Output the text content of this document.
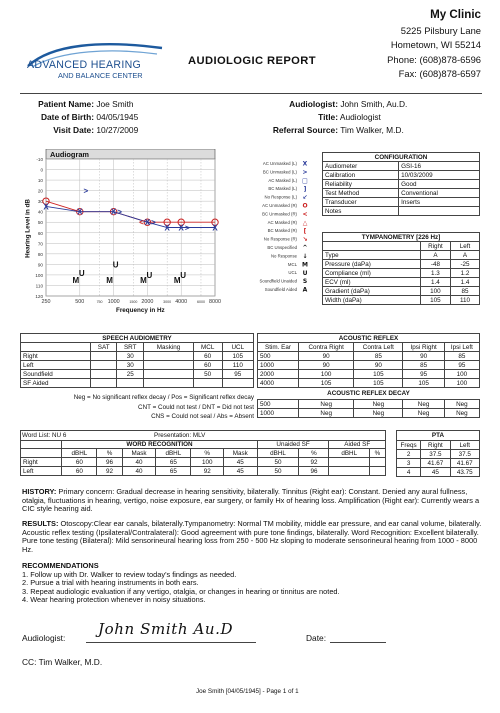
ADVANCED HEARING
AND BALANCE CENTER
AUDIOLOGIC REPORT
My Clinic
5225 Pilsbury Lane
Hometown, WI 55214
Phone: (608)878-6596
Fax: (608)878-6597
Patient Name: Joe Smith
Date of Birth: 04/05/1945
Visit Date: 10/27/2009
Audiologist: John Smith, Au.D.
Title: Audiologist
Referral Source: Tim Walker, M.D.
Hearing Level in dB
Frequency in Hz
Audiogram
-10
0
10
20
30
40
50
60
70
80
90
100
110
120
250	500	750 1000	1500 2000	3000 4000	6000 8000
X
X	X
X
X X	X
>
>
>
>
<
M	M	M	M
U
U
U	U
AC Unmasked (L) X
BC Unmasked (L) >
AC Masked (L) □
BC Masked (L) ]
No Response (L) ↙
AC Unmasked (R) O
BC Unmasked (R) <
AC Masked (R) △
BC Masked (R) [
No Response (R) ↘
BC Unspecified ^
No Response ↓
MCL M
UCL U
Soundfield Unaided S
Soundfield Aided A
CONFIGURATION	
Audiometer	GSI-16
Calibration	10/03/2009
Reliability	Good
Test Method	Conventional
Transducer	Inserts
Notes	
TYMPANOMETRY [226 Hz]		
	Right	Left
Type	A	A
Pressure (daPa)	-48	-25
Compliance (ml)	1.3	1.2
ECV (ml)	1.4	1.4
Gradient (daPa)	100	85
Width (daPa)	105	110
SPEECH AUDIOMETRY					
	SAT	SRT	Masking	MCL	UCL
Right		30		60	105
Left		30		60	110
Soundfield		25		50	95
SF Aided					
Neg = No significant reflex decay / Pos = Significant reflex decay
CNT = Could not test / DNT = Did not test
CNS = Could not seal / Abs = Absent
ACOUSTIC REFLEX				
Stim. Ear	Contra Right	Contra Left	Ipsi Right	Ipsi Left
500	90	85	90	85
1000	90	90	85	95
2000	100	105	95	100
4000	105	105	105	100
ACOUSTIC REFLEX DECAY				
500	Neg	Neg	Neg	Neg
1000	Neg	Neg	Neg	Neg
Word List: NU 6	Presentation: MLV

	WORD RECOGNITION						Unaided SF		Aided SF	
	dBHL	%	Mask	dBHL	%	Mask	dBHL	%	dBHL	%
Right	60	96	40	65	100	45	50	92		
Left	60	92	40	65	92	45	50	96		
PTA		
Freqs	Right	Left
2	37.5	37.5
3	41.67	41.67
4	45	43.75
HISTORY: Primary concern: Gradual decrease in hearing sensitivity, bilaterally. Tinnitus (Right ear): Constant. Denied any aural fullness, otalgia, fluctuations in hearing, vertigo, noise exposure, ear surgery, or family Hx of hearing loss. Amplification (Right ear): Currently wears a CIC style hearing aid.
RESULTS: Otoscopy:Clear ear canals, bilaterally.Tympanometry: Normal TM mobility, middle ear pressure, and ear canal volume, bilaterally. Acoustic reflex testing (Ipsilateral/Contralateral): Good agreement with pure tone findings, bilaterally. Word Recognition: Excellent bilaterally. Pure tone testing (Bilateral): Mild sensorineural hearing loss from 250 - 500 Hz sloping to moderate sensorineural hearing from 1000 - 8000 Hz.
RECOMMENDATIONS
1. Follow up with Dr. Walker to review today's findings as needed.
2. Pursue a trial with hearing instruments in both ears.
3. Repeat audiologic evaluation if any vertigo, otalgia, or changes in hearing or tinnitus are noted.
4. Wear hearing protection whenever in noisy situations.
Audiologist: John Smith Au.D	Date:
CC: Tim Walker, M.D.
Joe Smith [04/05/1945] - Page 1 of 1
